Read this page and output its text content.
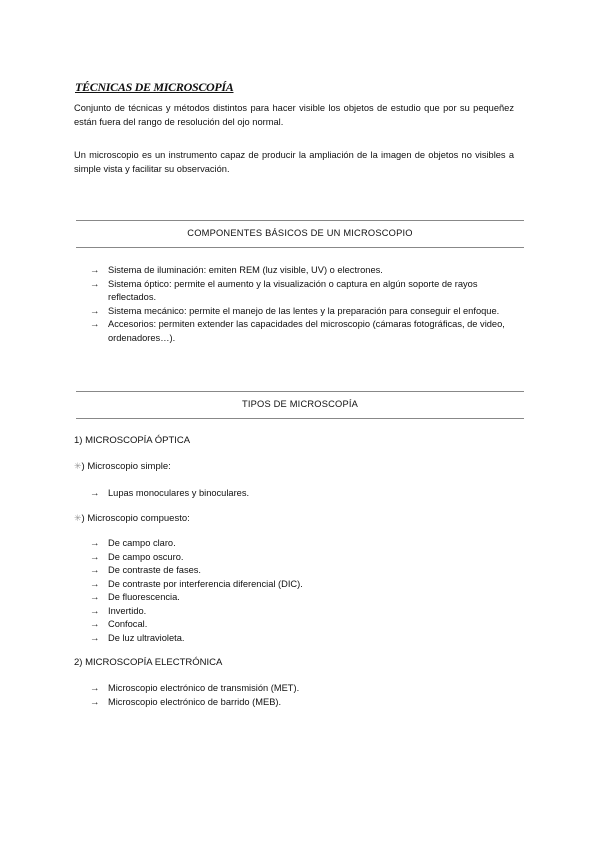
TÉCNICAS DE MICROSCOPÍA

Conjunto de técnicas y métodos distintos para hacer visible los objetos de estudio que por su pequeñez están fuera del rango de resolución del ojo normal.

Un microscopio es un instrumento capaz de producir la ampliación de la imagen de objetos no visibles a simple vista y facilitar su observación.

COMPONENTES BÁSICOS DE UN MICROSCOPIO
→ Sistema de iluminación: emiten REM (luz visible, UV) o electrones.
→ Sistema óptico: permite el aumento y la visualización o captura en algún soporte de rayos reflectados.
→ Sistema mecánico: permite el manejo de las lentes y la preparación para conseguir el enfoque.
→ Accesorios: permiten extender las capacidades del microscopio (cámaras fotográficas, de video, ordenadores…).
TIPOS DE MICROSCOPÍA
1) MICROSCOPÍA ÓPTICA
✳) Microscopio simple:
→ Lupas monoculares y binoculares.
✳) Microscopio compuesto:
→ De campo claro.
→ De campo oscuro.
→ De contraste de fases.
→ De contraste por interferencia diferencial (DIC).
→ De fluorescencia.
→ Invertido.
→ Confocal.
→ De luz ultravioleta.
2) MICROSCOPÍA ELECTRÓNICA
→ Microscopio electrónico de transmisión (MET).
→ Microscopio electrónico de barrido (MEB).
